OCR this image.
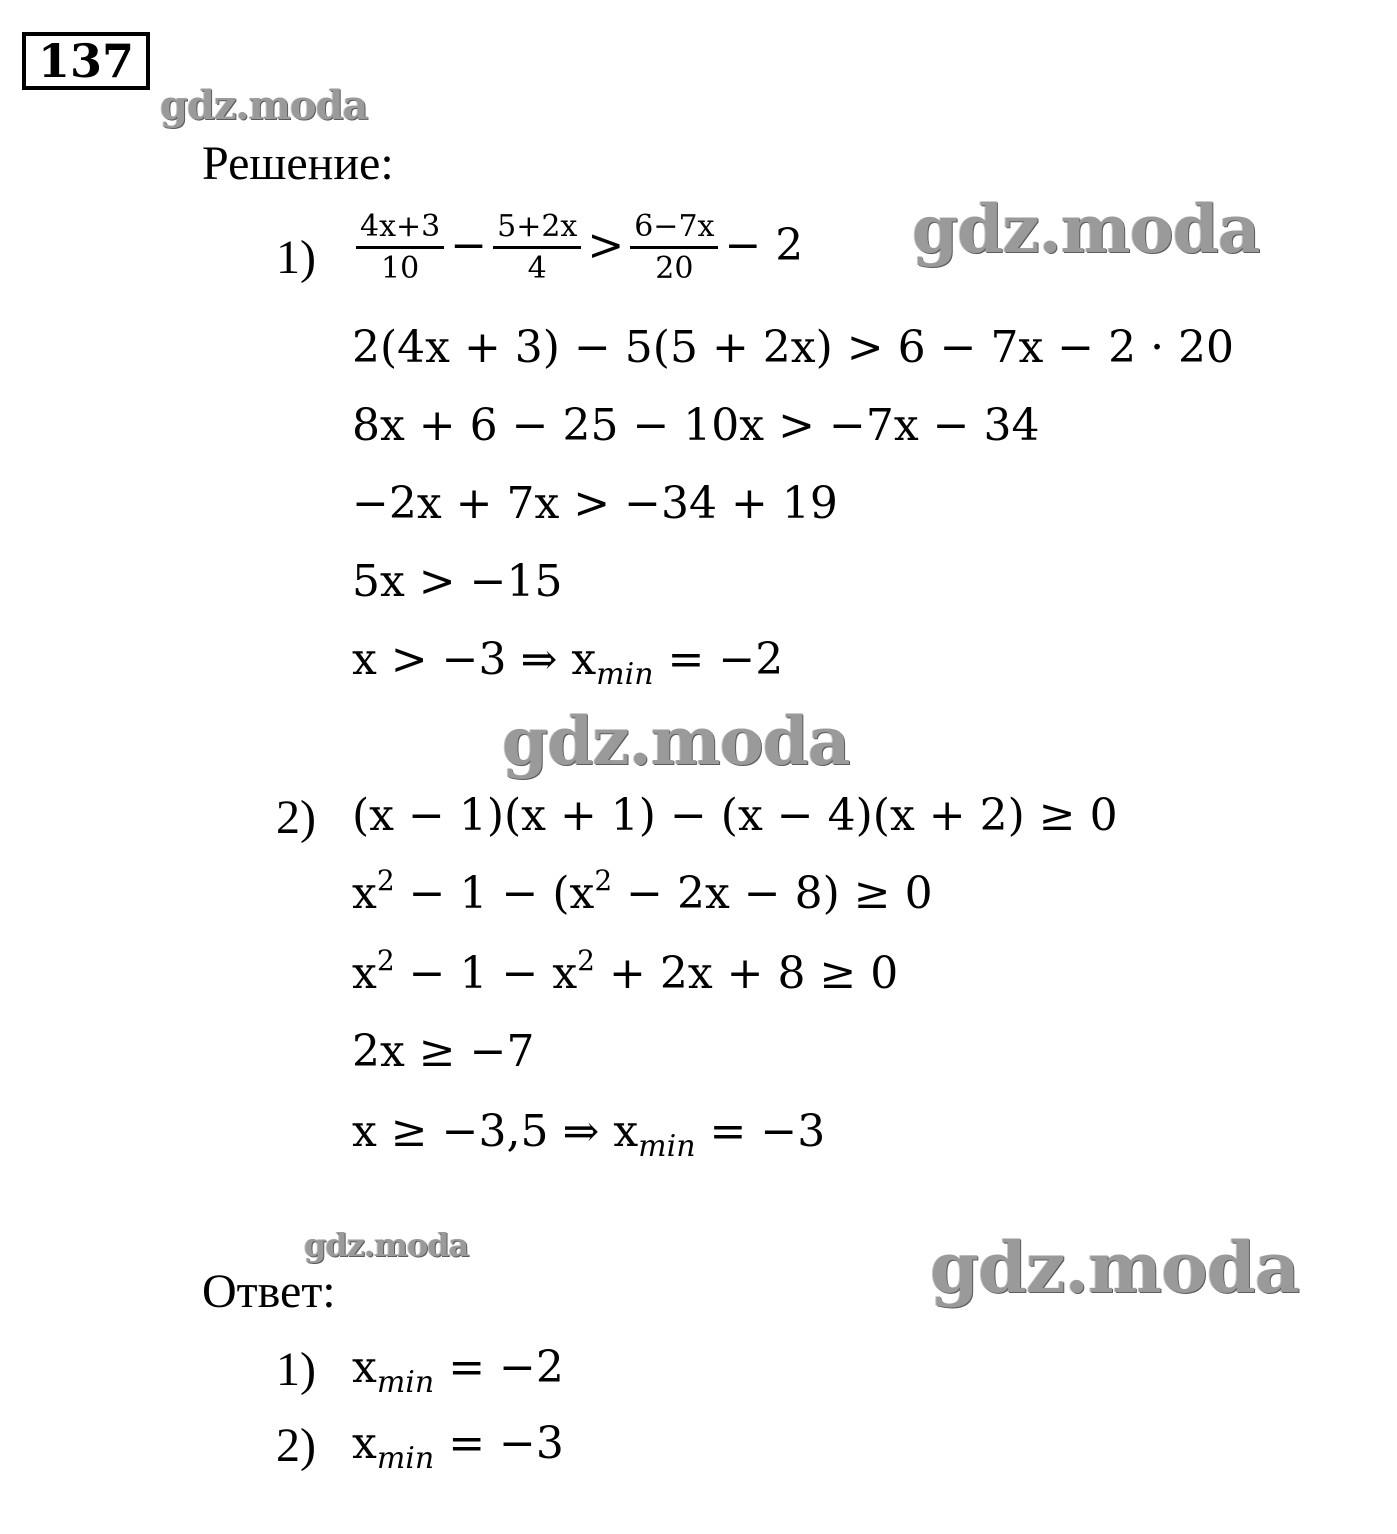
137
gdz.moda
gdz.moda
gdz.moda
gdz.moda	gdz.moda
Решение:
$1) \frac{4x+3}{10} - \frac{5+2x}{4} > \frac{6-7x}{20} - 2$
2(4x + 3) − 5(5 + 2x) > 6 − 7x − 2 · 20
8x + 6 − 25 − 10x > −7x − 34
−2x + 7x > −34 + 19
5x > −15
x > −3 ⇒ $x_{min} = -2$
2) (x − 1)(x + 1) − (x − 4)(x + 2) ≥ 0
$x^2 - 1 - (x^2 - 2x - 8) \ge 0$
$x^2 - 1 - x^2 + 2x + 8 \ge 0$
2x ≥ −7
x ≥ −3,5 ⇒ $x_{min} = -3$
Ответ:
1) $x_{min} = -2$
2) $x_{min} = -3$
